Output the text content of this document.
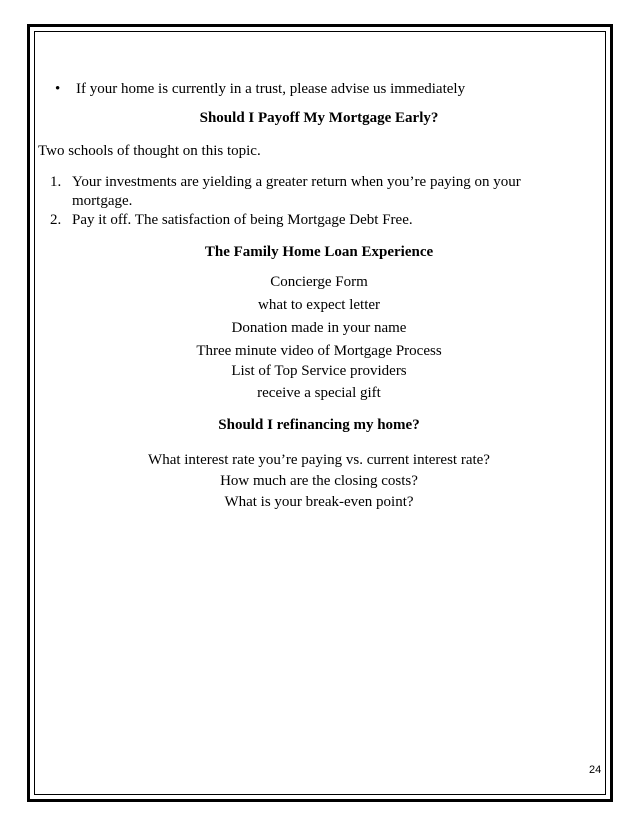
• If your home is currently in a trust, please advise us immediately
Should I Payoff My Mortgage Early?
Two schools of thought on this topic.
1. Your investments are yielding a greater return when you’re paying on your
mortgage.
2. Pay it off. The satisfaction of being Mortgage Debt Free.
The Family Home Loan Experience
Concierge Form
what to expect letter
Donation made in your name
Three minute video of Mortgage Process
List of Top Service providers
receive a special gift
Should I refinancing my home?
What interest rate you’re paying vs. current interest rate?
How much are the closing costs?
What is your break-even point?
24
